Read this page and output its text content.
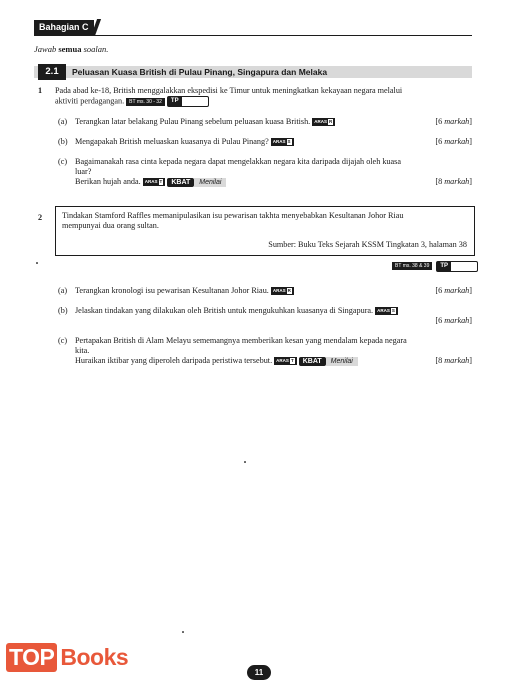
Bahagian C
Jawab semua soalan.
2.1	Peluasan Kuasa British di Pulau Pinang, Singapura dan Melaka
1 Pada abad ke-18, British menggalakkan ekspedisi ke Timur untuk meningkatkan kekayaan negara melalui
aktiviti perdagangan. BT ms. 30 - 32 TP
(a) Terangkan latar belakang Pulau Pinang sebelum peluasan kuasa British. ARAS R	[6 markah]
(b) Mengapakah British meluaskan kuasanya di Pulau Pinang? ARAS S	[6 markah]
(c) Bagaimanakah rasa cinta kepada negara dapat mengelakkan negara kita daripada dijajah oleh kuasa
luar?
Berikan hujah anda. ARAS T KBAT Menilai	[8 markah]
2 Tindakan Stamford Raffles memanipulasikan isu pewarisan takhta menyebabkan Kesultanan Johor Riau
mempunyai dua orang sultan.
Sumber: Buku Teks Sejarah KSSM Tingkatan 3, halaman 38
BT ms. 38 & 39 TP
(a) Terangkan kronologi isu pewarisan Kesultanan Johor Riau. ARAS R	[6 markah]
(b) Jelaskan tindakan yang dilakukan oleh British untuk mengukuhkan kuasanya di Singapura. ARAS S
[6 markah]
(c) Pertapakan British di Alam Melayu sememangnya memberikan kesan yang mendalam kepada negara
kita.
Huraikan iktibar yang diperoleh daripada peristiwa tersebut. ARAS T KBAT Menilai	[8 markah]
11
TOP Books
